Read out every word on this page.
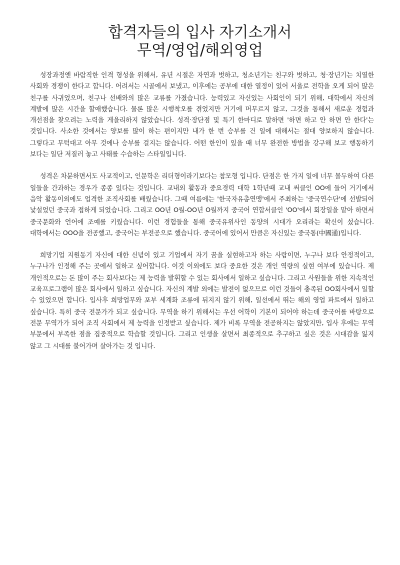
합격자들의 입사 자기소개서
무역/영업/해외영업

성장과정엔 바람직한 인격 형성을 위해서, 유년 시절은 자연과 벗하고, 청소년기는 친구와 벗하고, 청·장년기는 치열한 사회와 경쟁이 한다고 합니다. 어려서는 시골에서 보냈고, 이후에는 공부에 대한 열정이 있어 서울로 전학을 오게 되어 많은 친구를 사귀었으며, 친구나 선배와의 많은 교류를 가졌습니다. 능력있고 자신있는 사회인이 되기 위해, 대학에서 자신의 계발에 많은 시간을 할애했습니다. 물론 많은 시행착오를 겪었지만 거기에 머무르지 않고, 그것을 통해서 새로운 경험과 개선점을 찾으려는 노력을 게을리하지 않았습니다. 성격·장단점 및 특기 한마디로 말하면 '하면 하고 안 하면 안 한다'는 것입니다. 사소한 것에서는 양보를 많이 하는 편이지만 내가 한 번 승부를 건 일에 대해서는 절대 양보하지 않습니다. 그렇다고 무턱대고 아무 것에나 승부를 걸지는 않습니다. 어떤 한인이 있을 때 너무 완전한 방법을 강구해 보고 행동하기 보다는 일단 저질러 놓고 사태를 수습하는 스타일입니다.

성격은 차분하면서도 사교적이고, 인문학은 리더형이라기보다는 참모형 입니다. 단점은 한 가지 일에 너무 몰두하여 다른 일들을 간과하는 경우가 종종 있다는 것입니다. 교내외 활동과 중요경력 대학 1학년때 교내 써클인 OO에 들어 거기에서 음악 활동이외에도 업격한 조직사회를 배웠습니다. 그때 여름에는 '한국자유총연맹'에서 주최하는 '중국연수단'에 선발되어 낯설었던 중국과 접하게 되었습니다. 그리고 OO년 O월-OO년 O월까지 중국어 연합서클인 'OO'에서 회장일을 맡아 하면서 중국문화와 언어에 조예를 키웠습니다. 이런 경험들을 통해 중국유위사인 동양의 시대가 오리라는 확신이 섰습니다. 대학에서는 OOO을 전공했고, 중국어는 부전공으로 했습니다. 중국어에 있어서 만큼은 자신있는 중국통(中國通)입니다.

희망기업 지원동기 자신에 대한 신념이 있고 기업에서 자기 꿈을 실현하고자 하는 사람이면, 누구나 보다 안정적이고, 누구나가 인정해 주는 곳에서 일하고 싶어합니다. 이것 이외에도 보다 중요한 것은 개인 역량의 실현 여부에 있습니다. 제 개인적으로는 돈 많이 주는 회사보다는 제 능력을 발휘할 수 있는 회사에서 일하고 싶습니다. 그리고 사원들을 위한 지속적인 교육프로그램이 많은 회사에서 일하고 싶습니다. 자신의 계발 외에는 발전이 없으므로 이런 것들이 충족된 OO회사에서 일할 수 있었으면 합니다. 입사후 희망업무와 포부 세계화 조류에 뒤지지 않기 위해, 일선에서 뛰는 해외 영업 파트에서 일하고 싶습니다. 특히 중국 전문가가 되고 싶습니다. 무역을 하기 위해서는 우선 어학이 기본이 되어야 하는데 중국어를 바탕으로 전문 무역가가 되어 조직 사회에서 제 능력을 인정받고 싶습니다. 제가 비록 무역을 전공하지는 않았지만, 입사 후에는 무역 부문에서 부족한 점을 집중적으로 학습할 것입니다. 그리고 인생을 살면서 최종적으로 추구하고 싶은 것은 시대감을 잃지 않고 그 시대를 불어가며 살아가는 것 입니다.
